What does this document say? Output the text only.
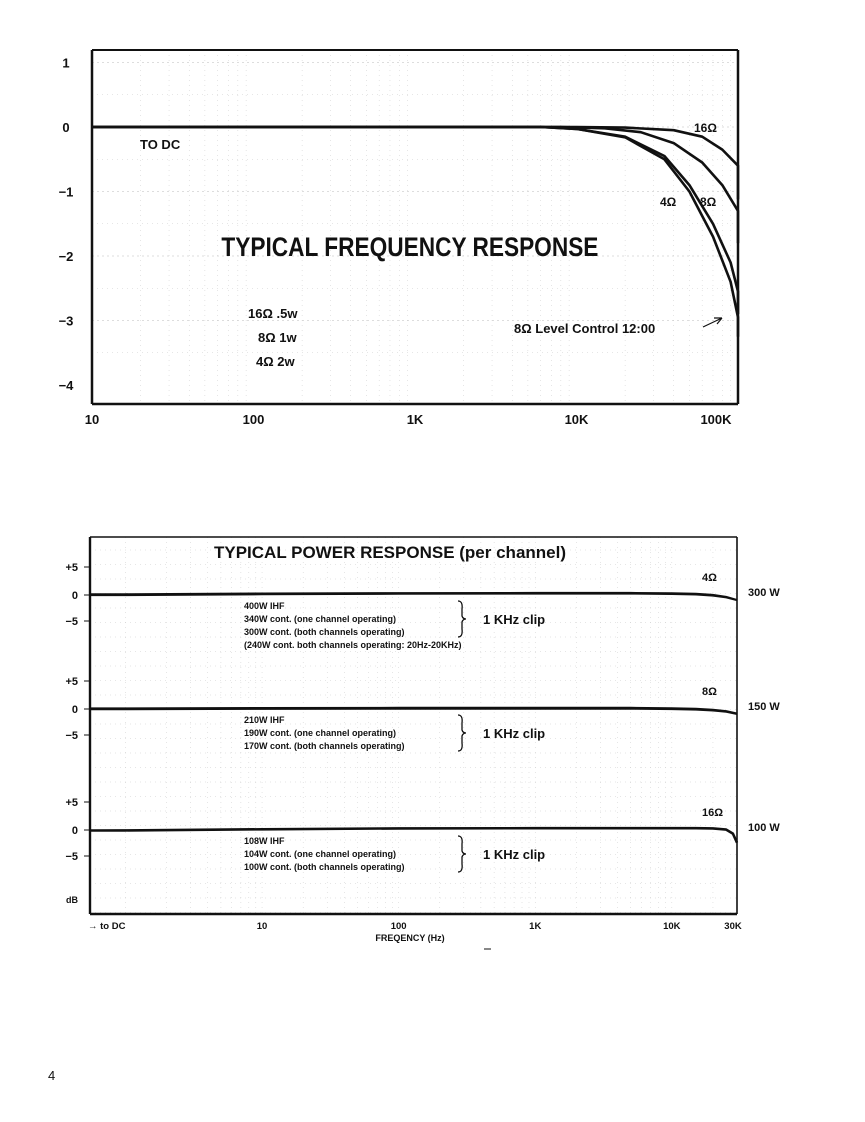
1
0
−1
−2
−3
−4
10	100	1K	10K	100K
TYPICAL FREQUENCY RESPONSE
TO DC
16Ω .5w
8Ω 1w
4Ω 2w
8Ω Level Control 12:00
16Ω
8Ω
4Ω
TYPICAL POWER RESPONSE (per channel)
→ to DC	10	100	1K	10K	30K
FREQENCY (Hz)
dB
+5
0
−5
4Ω
300 W
400W IHF
340W cont. (one channel operating)
300W cont. (both channels operating)
(240W cont. both channels operating: 20Hz-20KHz)
1 KHz clip
+5
0
−5
8Ω
150 W
210W IHF
190W cont. (one channel operating)
170W cont. (both channels operating)
1 KHz clip
+5
0
−5
16Ω
100 W
108W IHF
104W cont. (one channel operating)
100W cont. (both channels operating)
1 KHz clip
4
